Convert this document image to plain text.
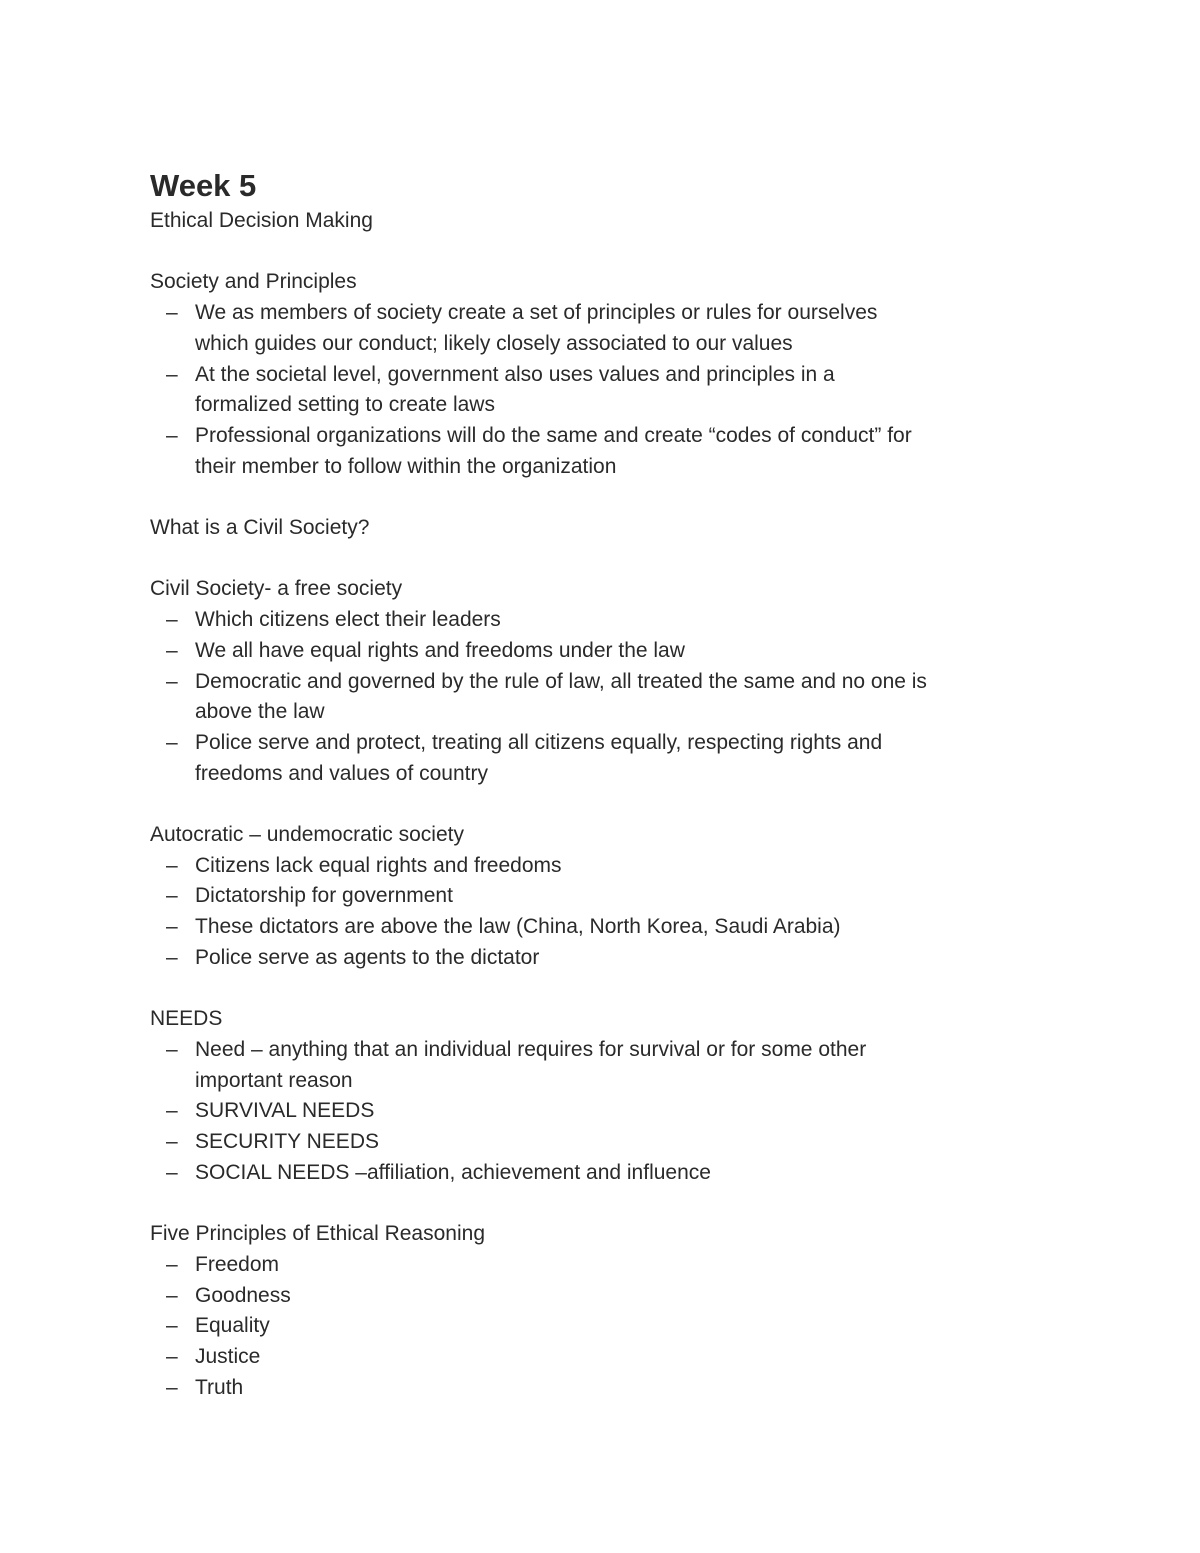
Week 5

Ethical Decision Making

Society and Principles

– We as members of society create a set of principles or rules for ourselves
which guides our conduct; likely closely associated to our values
– At the societal level, government also uses values and principles in a
formalized setting to create laws
– Professional organizations will do the same and create “codes of conduct” for
their member to follow within the organization

What is a Civil Society?

Civil Society- a free society

– Which citizens elect their leaders
– We all have equal rights and freedoms under the law
– Democratic and governed by the rule of law, all treated the same and no one is
above the law
– Police serve and protect, treating all citizens equally, respecting rights and
freedoms and values of country

Autocratic – undemocratic society

– Citizens lack equal rights and freedoms
– Dictatorship for government
– These dictators are above the law (China, North Korea, Saudi Arabia)
– Police serve as agents to the dictator

NEEDS

– Need – anything that an individual requires for survival or for some other
important reason
– SURVIVAL NEEDS
– SECURITY NEEDS
– SOCIAL NEEDS –affiliation, achievement and influence

Five Principles of Ethical Reasoning

– Freedom
– Goodness
– Equality
– Justice
– Truth
